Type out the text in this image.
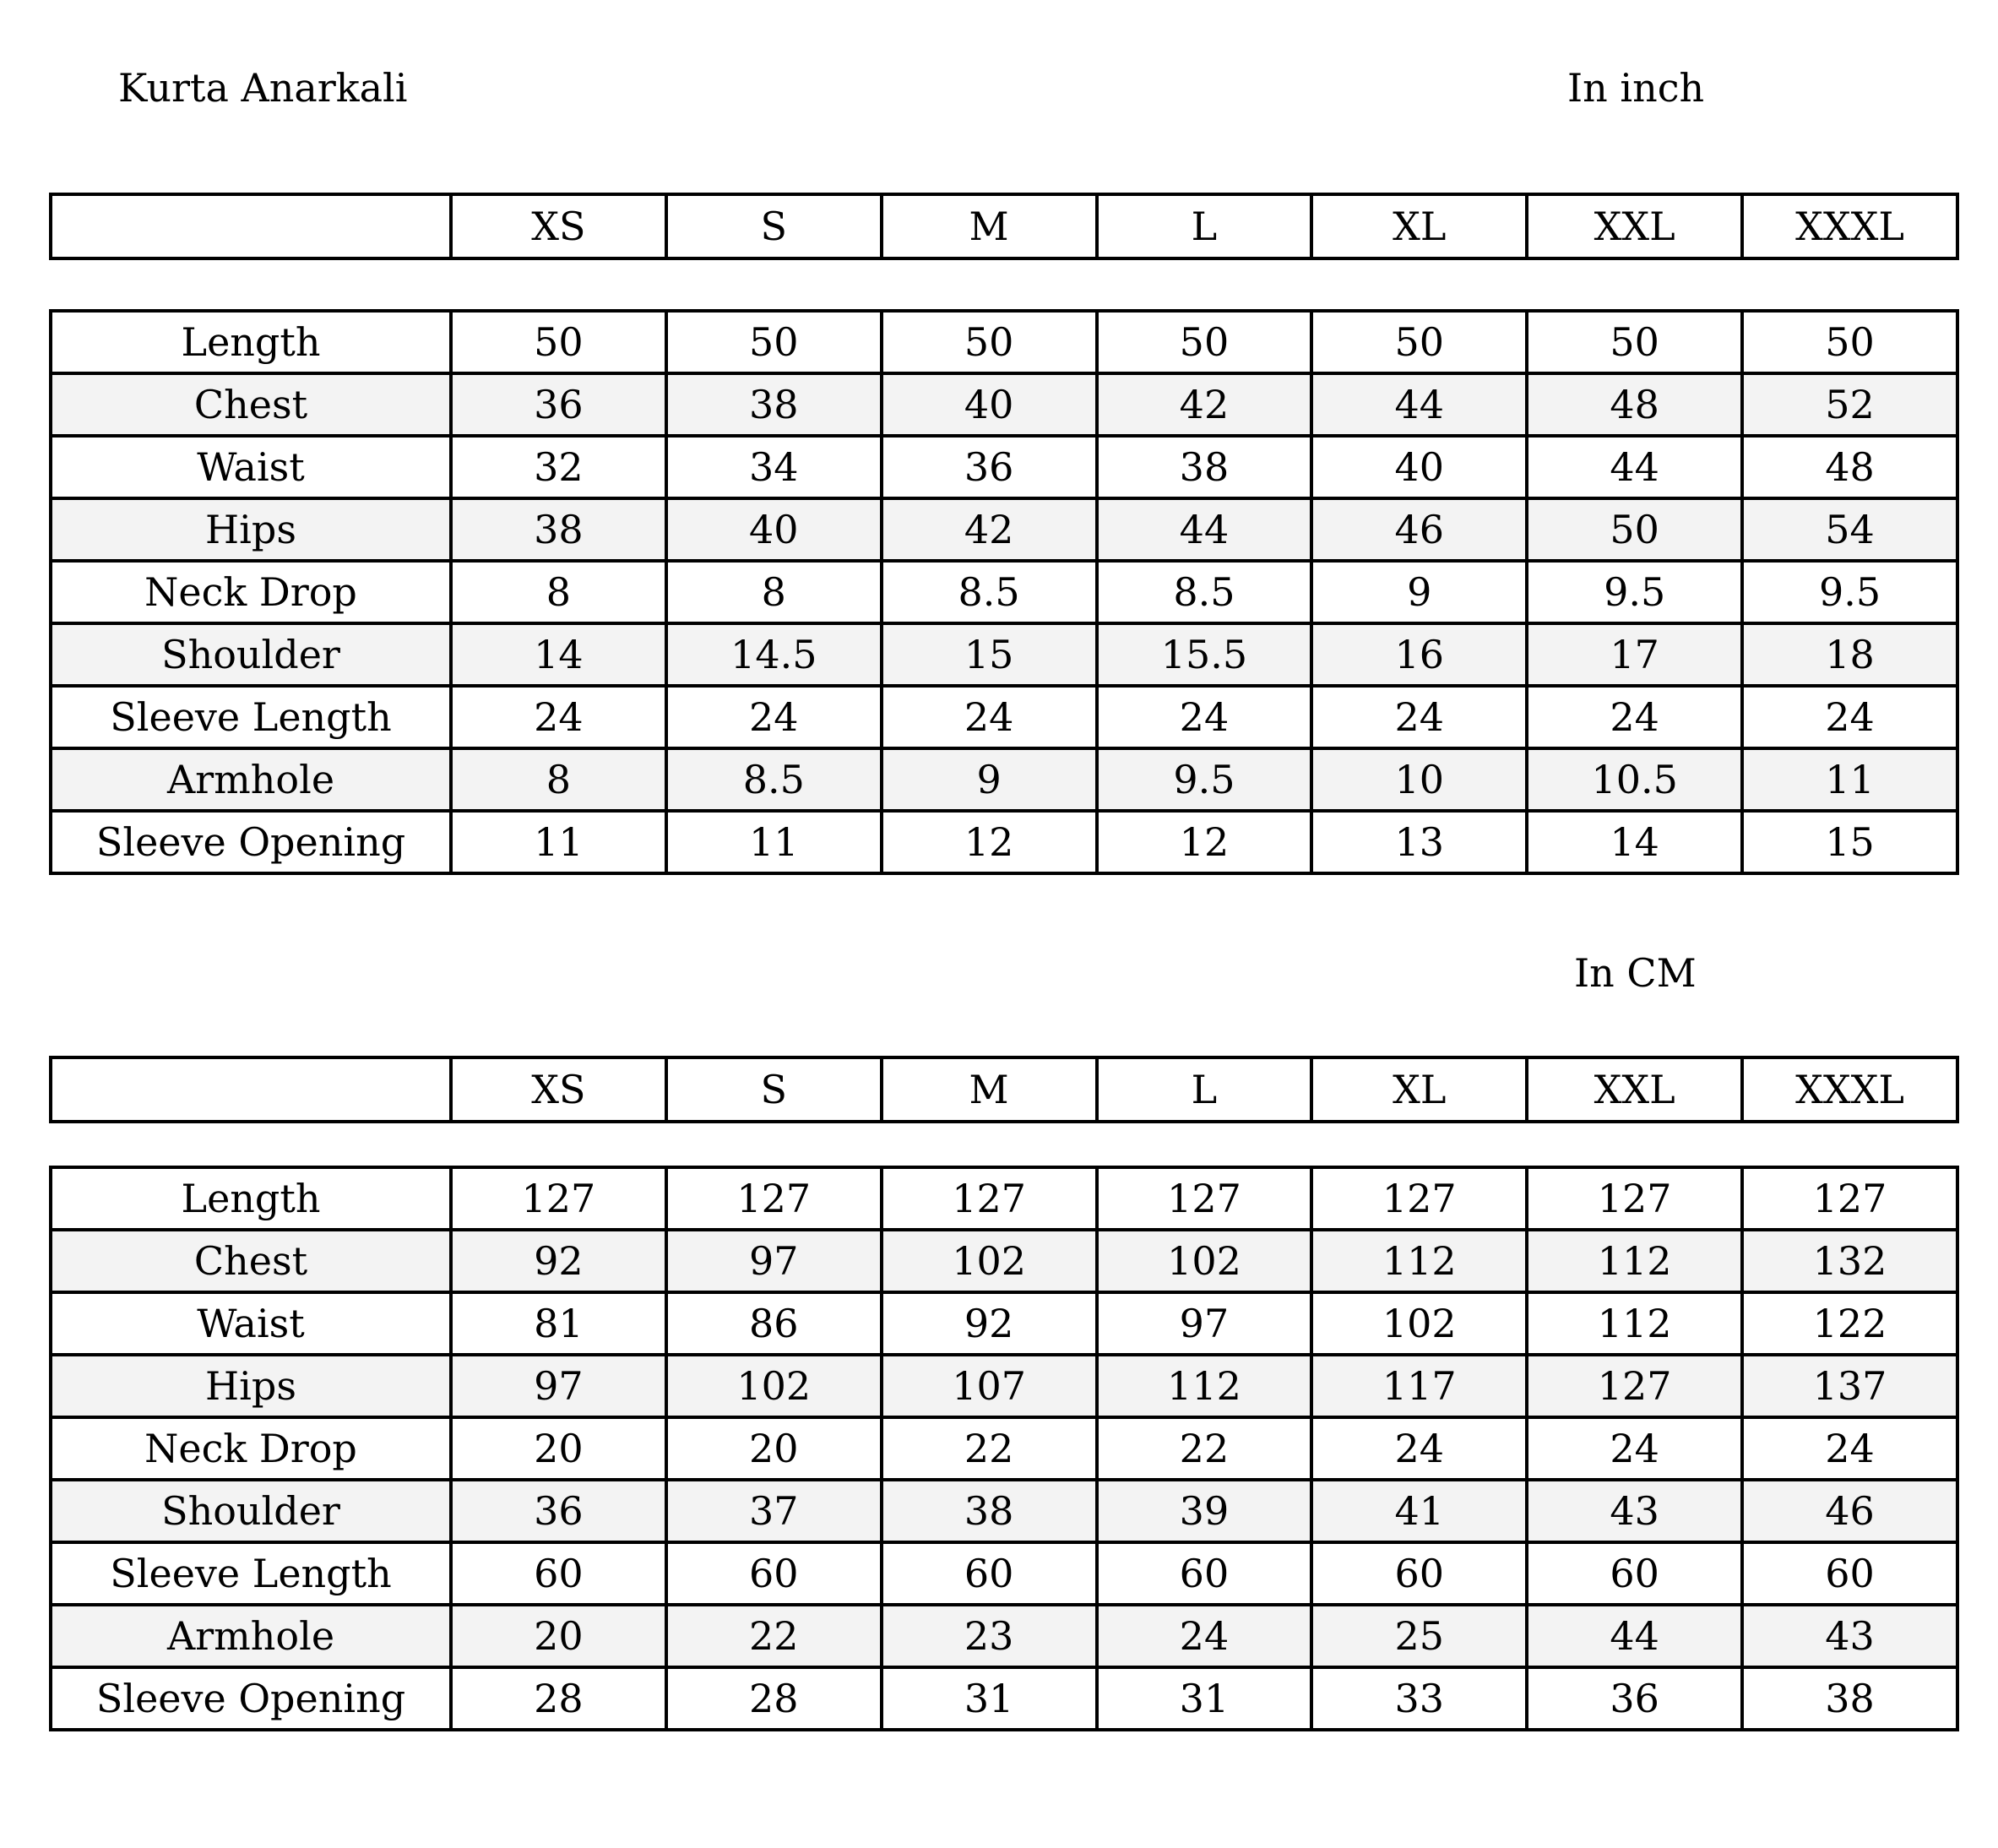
Kurta Anarkali	In inch
	XS	S	M	L	XL	XXL	XXXL
Length	50	50	50	50	50	50	50
Chest	36	38	40	42	44	48	52
Waist	32	34	36	38	40	44	48
Hips	38	40	42	44	46	50	54
Neck Drop	8	8	8.5	8.5	9	9.5	9.5
Shoulder	14	14.5	15	15.5	16	17	18
Sleeve Length	24	24	24	24	24	24	24
Armhole	8	8.5	9	9.5	10	10.5	11
Sleeve Opening	11	11	12	12	13	14	15
In CM
	XS	S	M	L	XL	XXL	XXXL
Length	127	127	127	127	127	127	127
Chest	92	97	102	102	112	112	132
Waist	81	86	92	97	102	112	122
Hips	97	102	107	112	117	127	137
Neck Drop	20	20	22	22	24	24	24
Shoulder	36	37	38	39	41	43	46
Sleeve Length	60	60	60	60	60	60	60
Armhole	20	22	23	24	25	44	43
Sleeve Opening	28	28	31	31	33	36	38
